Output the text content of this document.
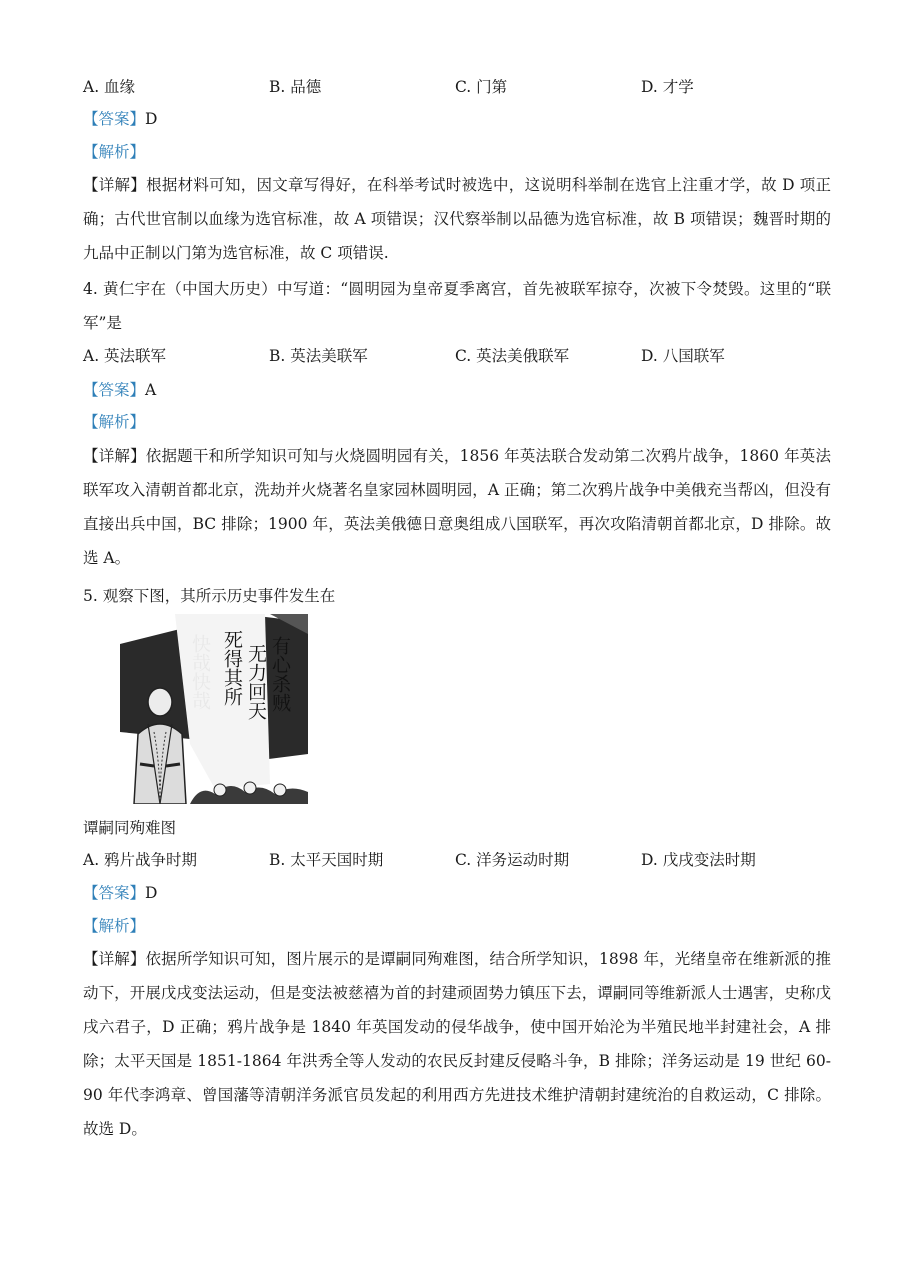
A. 血缘	B. 品德	C. 门第	D. 才学
【答案】D
【解析】
【详解】根据材料可知，因文章写得好，在科举考试时被选中，这说明科举制在选官上注重才学，故 D 项正确；古代世官制以血缘为选官标准，故 A 项错误；汉代察举制以品德为选官标准，故 B 项错误；魏晋时期的九品中正制以门第为选官标准，故 C 项错误.
4. 黄仁宇在（中国大历史）中写道：“圆明园为皇帝夏季离宫，首先被联军掠夺，次被下令焚毁。这里的“联军”是
A. 英法联军	B. 英法美联军	C. 英法美俄联军	D. 八国联军
【答案】A
【解析】
【详解】依据题干和所学知识可知与火烧圆明园有关，1856 年英法联合发动第二次鸦片战争，1860 年英法联军攻入清朝首都北京，洗劫并火烧著名皇家园林圆明园，A 正确；第二次鸦片战争中美俄充当帮凶，但没有直接出兵中国，BC 排除；1900 年，英法美俄德日意奥组成八国联军，再次攻陷清朝首都北京，D 排除。故选 A。
5. 观察下图，其所示历史事件发生在
有心杀贼
无力回天
死得其所
快哉快哉
谭嗣同殉难图
A. 鸦片战争时期	B. 太平天国时期	C. 洋务运动时期	D. 戊戌变法时期
【答案】D
【解析】
【详解】依据所学知识可知，图片展示的是谭嗣同殉难图，结合所学知识，1898 年，光绪皇帝在维新派的推动下，开展戊戌变法运动，但是变法被慈禧为首的封建顽固势力镇压下去，谭嗣同等维新派人士遇害，史称戊戌六君子，D 正确；鸦片战争是 1840 年英国发动的侵华战争，使中国开始沦为半殖民地半封建社会，A 排除；太平天国是 1851-1864 年洪秀全等人发动的农民反封建反侵略斗争，B 排除；洋务运动是 19 世纪 60-90 年代李鸿章、曾国藩等清朝洋务派官员发起的利用西方先进技术维护清朝封建统治的自救运动，C 排除。故选 D。
